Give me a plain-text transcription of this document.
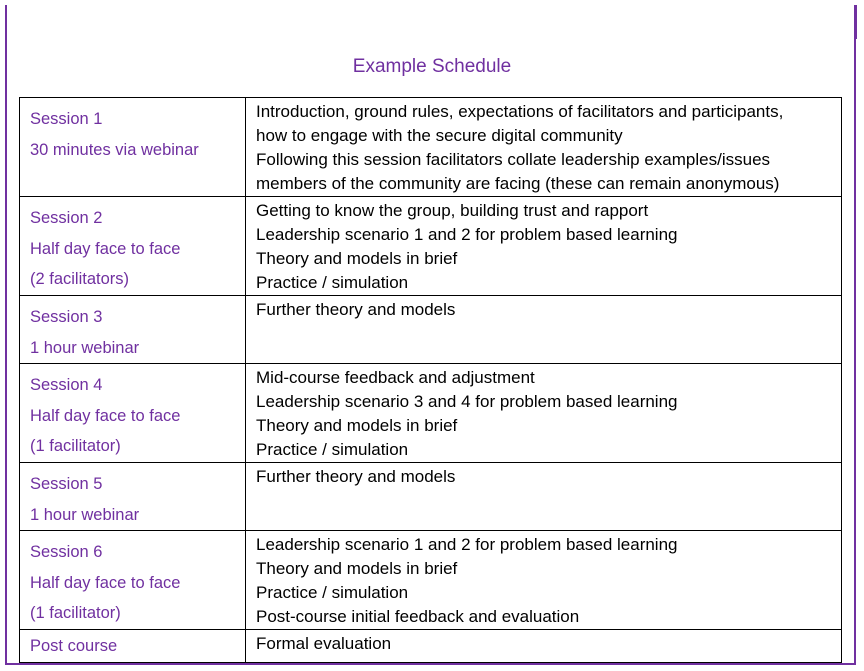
Example Schedule
Session 1
30 minutes via webinar	Introduction, ground rules, expectations of facilitators and participants,
how to engage with the secure digital community
Following this session facilitators collate leadership examples/issues
members of the community are facing (these can remain anonymous)

Session 2
Half day face to face
(2 facilitators)	Getting to know the group, building trust and rapport
Leadership scenario 1 and 2 for problem based learning
Theory and models in brief
Practice / simulation

Session 3
1 hour webinar	Further theory and models

Session 4
Half day face to face
(1 facilitator)	Mid-course feedback and adjustment
Leadership scenario 3 and 4 for problem based learning
Theory and models in brief
Practice / simulation

Session 5
1 hour webinar	Further theory and models

Session 6
Half day face to face
(1 facilitator)	Leadership scenario 1 and 2 for problem based learning
Theory and models in brief
Practice / simulation
Post-course initial feedback and evaluation

Post course	Formal evaluation
